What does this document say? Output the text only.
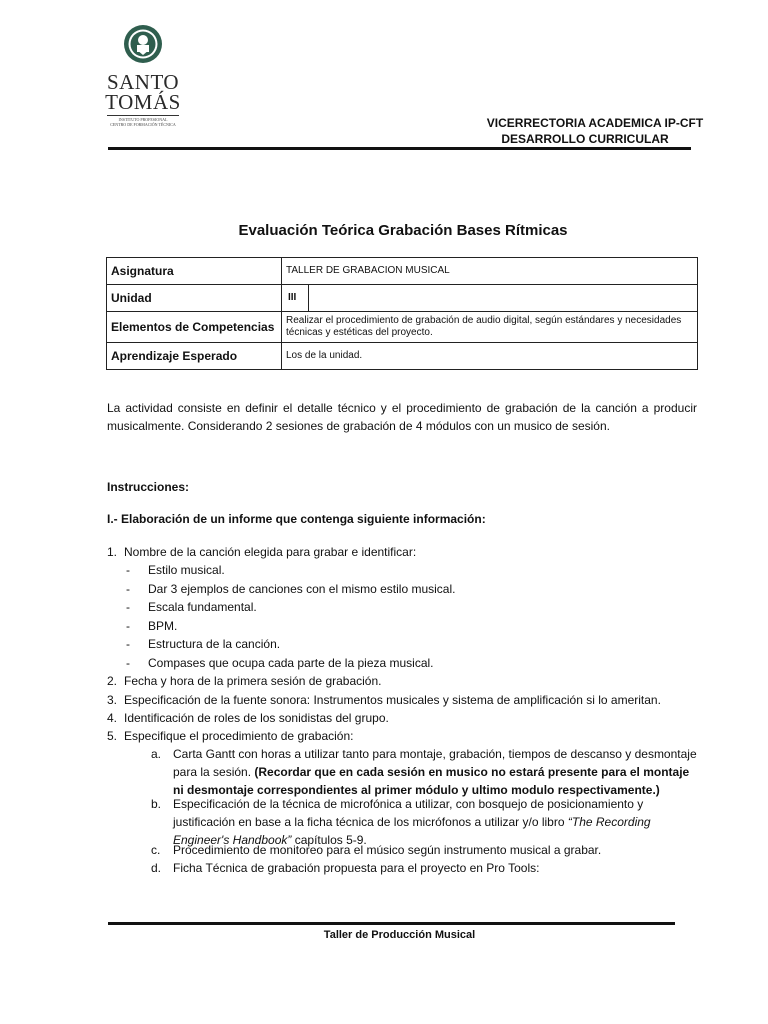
SANTO
TOMÁS
INSTITUTO PROFESIONAL
CENTRO DE FORMACIÓN TÉCNICA	VICERRECTORIA ACADEMICA IP-CFT
DESARROLLO CURRICULAR
Evaluación Teórica Grabación Bases Rítmicas
Asignatura	TALLER DE GRABACION MUSICAL
Unidad	III

Elementos de Competencias	Realizar el procedimiento de grabación de audio digital, según estándares y necesidades técnicas y estéticas del proyecto.
Aprendizaje Esperado	Los de la unidad.
La actividad consiste en definir el detalle técnico y el procedimiento de grabación de la canción a producir
musicalmente. Considerando 2 sesiones de grabación de 4 módulos con un musico de sesión.
Instrucciones:
I.- Elaboración de un informe que contenga siguiente información:
1. Nombre de la canción elegida para grabar e identificar:
- Estilo musical.
- Dar 3 ejemplos de canciones con el mismo estilo musical.
- Escala fundamental.
- BPM.
- Estructura de la canción.
- Compases que ocupa cada parte de la pieza musical.
2. Fecha y hora de la primera sesión de grabación.
3. Especificación de la fuente sonora: Instrumentos musicales y sistema de amplificación si lo ameritan.
4. Identificación de roles de los sonidistas del grupo.
5. Especifique el procedimiento de grabación:
a. Carta Gantt con horas a utilizar tanto para montaje, grabación, tiempos de descanso y desmontaje para la sesión. (Recordar que en cada sesión en musico no estará presente para el montaje ni desmontaje correspondientes al primer módulo y ultimo modulo respectivamente.)
b. Especificación de la técnica de microfónica a utilizar, con bosquejo de posicionamiento y justificación en base a la ficha técnica de los micrófonos a utilizar y/o libro “The Recording Engineer's Handbook” capítulos 5-9.
c. Procedimiento de monitoreo para el músico según instrumento musical a grabar.
d. Ficha Técnica de grabación propuesta para el proyecto en Pro Tools:
Taller de Producción Musical
